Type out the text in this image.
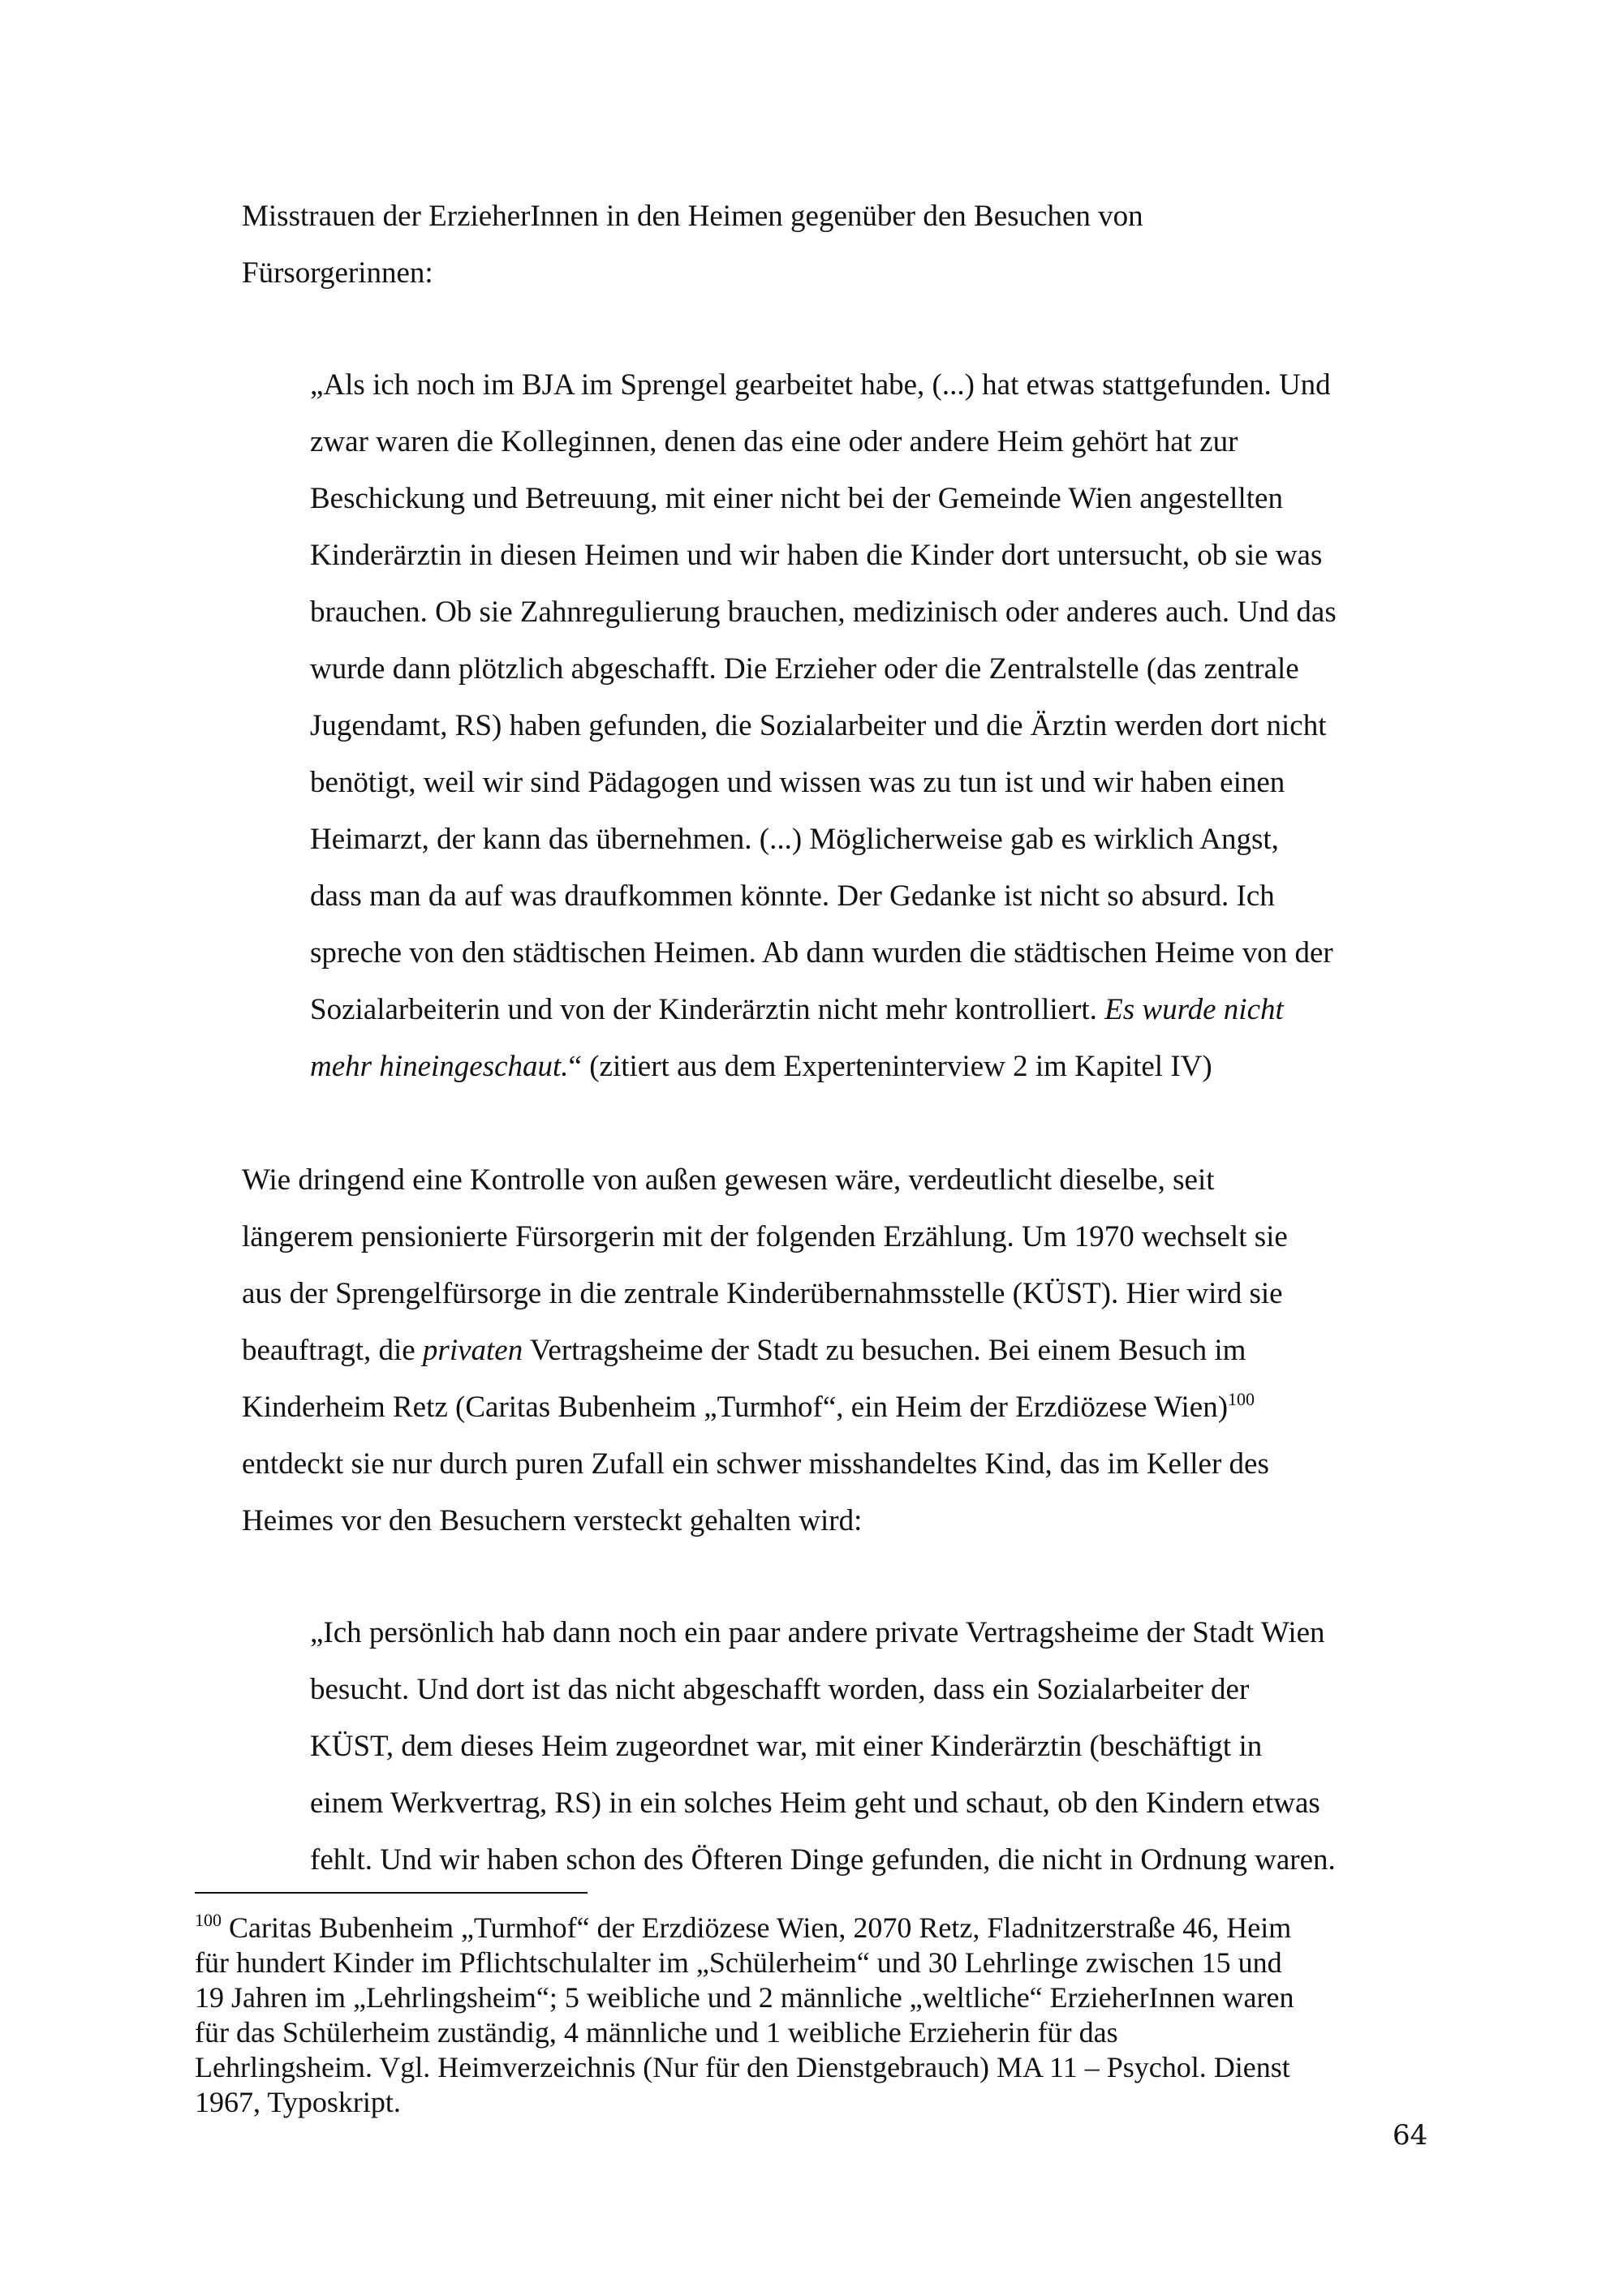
Misstrauen der ErzieherInnen in den Heimen gegenüber den Besuchen von
Fürsorgerinnen:

„Als ich noch im BJA im Sprengel gearbeitet habe, (...) hat etwas stattgefunden. Und
zwar waren die Kolleginnen, denen das eine oder andere Heim gehört hat zur
Beschickung und Betreuung, mit einer nicht bei der Gemeinde Wien angestellten
Kinderärztin in diesen Heimen und wir haben die Kinder dort untersucht, ob sie was
brauchen. Ob sie Zahnregulierung brauchen, medizinisch oder anderes auch. Und das
wurde dann plötzlich abgeschafft. Die Erzieher oder die Zentralstelle (das zentrale
Jugendamt, RS) haben gefunden, die Sozialarbeiter und die Ärztin werden dort nicht
benötigt, weil wir sind Pädagogen und wissen was zu tun ist und wir haben einen
Heimarzt, der kann das übernehmen. (...) Möglicherweise gab es wirklich Angst,
dass man da auf was draufkommen könnte. Der Gedanke ist nicht so absurd. Ich
spreche von den städtischen Heimen. Ab dann wurden die städtischen Heime von der
Sozialarbeiterin und von der Kinderärztin nicht mehr kontrolliert. Es wurde nicht
mehr hineingeschaut.“ (zitiert aus dem Experteninterview 2 im Kapitel IV)

Wie dringend eine Kontrolle von außen gewesen wäre, verdeutlicht dieselbe, seit
längerem pensionierte Fürsorgerin mit der folgenden Erzählung. Um 1970 wechselt sie
aus der Sprengelfürsorge in die zentrale Kinderübernahmsstelle (KÜST). Hier wird sie
beauftragt, die privaten Vertragsheime der Stadt zu besuchen. Bei einem Besuch im
Kinderheim Retz (Caritas Bubenheim „Turmhof“, ein Heim der Erzdiözese Wien)$^{100}$
entdeckt sie nur durch puren Zufall ein schwer misshandeltes Kind, das im Keller des
Heimes vor den Besuchern versteckt gehalten wird:

„Ich persönlich hab dann noch ein paar andere private Vertragsheime der Stadt Wien
besucht. Und dort ist das nicht abgeschafft worden, dass ein Sozialarbeiter der
KÜST, dem dieses Heim zugeordnet war, mit einer Kinderärztin (beschäftigt in
einem Werkvertrag, RS) in ein solches Heim geht und schaut, ob den Kindern etwas
fehlt. Und wir haben schon des Öfteren Dinge gefunden, die nicht in Ordnung waren.

$^{100}$ Caritas Bubenheim „Turmhof“ der Erzdiözese Wien, 2070 Retz, Fladnitzerstraße 46, Heim
für hundert Kinder im Pflichtschulalter im „Schülerheim“ und 30 Lehrlinge zwischen 15 und
19 Jahren im „Lehrlingsheim“; 5 weibliche und 2 männliche „weltliche“ ErzieherInnen waren
für das Schülerheim zuständig, 4 männliche und 1 weibliche Erzieherin für das
Lehrlingsheim. Vgl. Heimverzeichnis (Nur für den Dienstgebrauch) MA 11 – Psychol. Dienst
1967, Typoskript.

64
